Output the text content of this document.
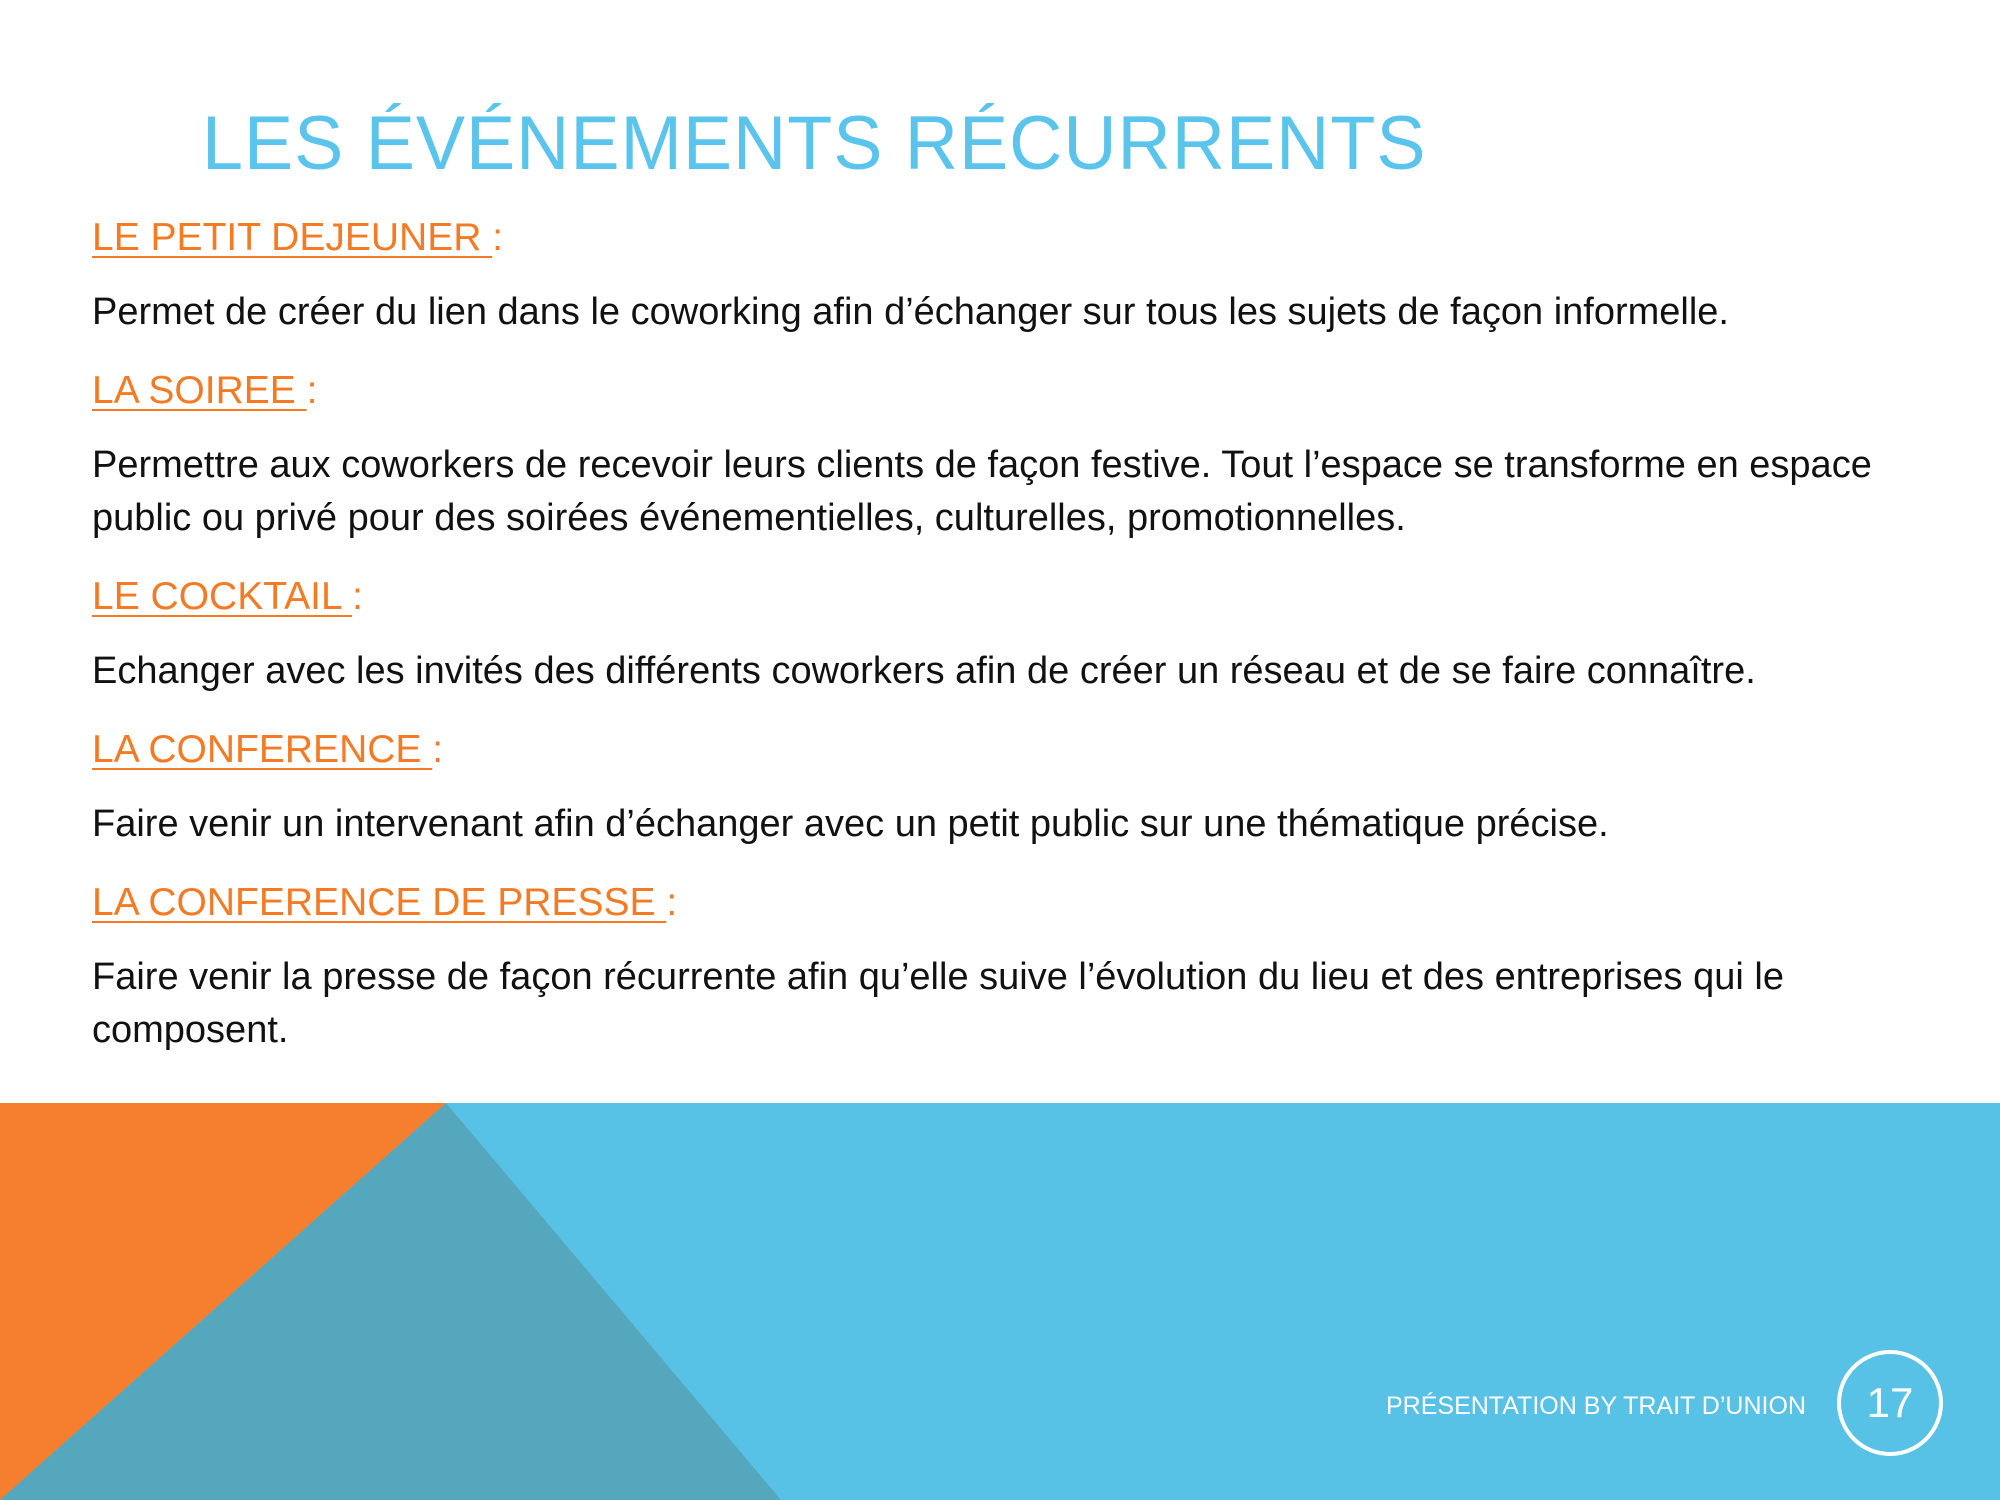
LES ÉVÉNEMENTS RÉCURRENTS
LE PETIT DEJEUNER :

Permet de créer du lien dans le coworking afin d’échanger sur tous les sujets de façon informelle.

LA SOIREE :

Permettre aux coworkers de recevoir leurs clients de façon festive. Tout l’espace se transforme en espace public ou privé pour des soirées événementielles, culturelles, promotionnelles.

LE COCKTAIL :

Echanger avec les invités des différents coworkers afin de créer un réseau et de se faire connaître.

LA CONFERENCE :

Faire venir un intervenant afin d’échanger avec un petit public sur une thématique précise.

LA CONFERENCE DE PRESSE :

Faire venir la presse de façon récurrente afin qu’elle suive l’évolution du lieu et des entreprises qui le composent.

PRÉSENTATION BY TRAIT D’UNION 17
